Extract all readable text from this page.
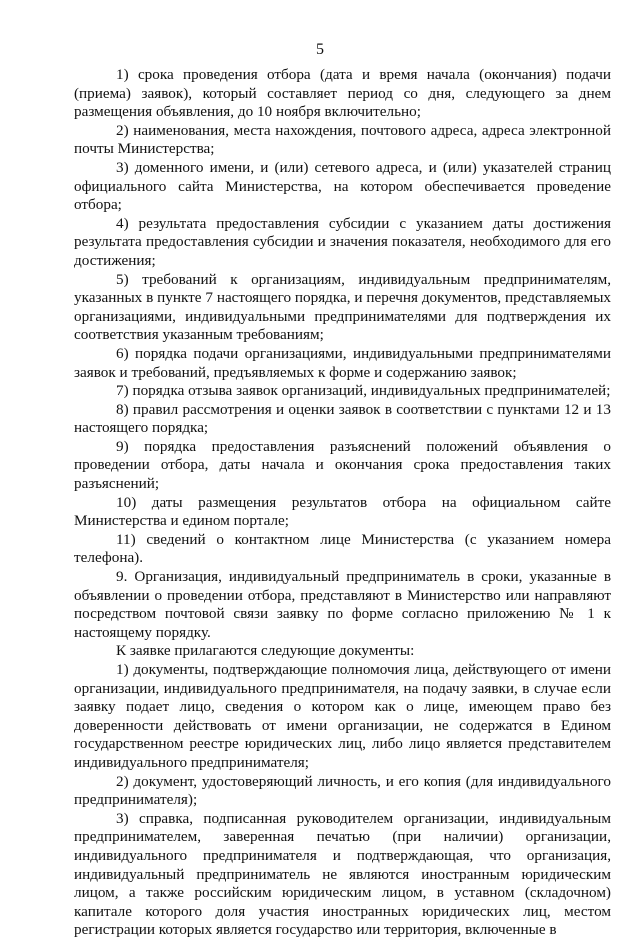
5

1) срока проведения отбора (дата и время начала (окончания) подачи (приема) заявок), который составляет период со дня, следующего за днем размещения объявления, до 10 ноября включительно;

2) наименования, места нахождения, почтового адреса, адреса электронной почты Министерства;

3) доменного имени, и (или) сетевого адреса, и (или) указателей страниц официального сайта Министерства, на котором обеспечивается проведение отбора;

4) результата предоставления субсидии с указанием даты достижения результата предоставления субсидии и значения показателя, необходимого для его достижения;

5) требований к организациям, индивидуальным предпринимателям, указанных в пункте 7 настоящего порядка, и перечня документов, представляемых организациями, индивидуальными предпринимателями для подтверждения их соответствия указанным требованиям;

6) порядка подачи организациями, индивидуальными предпринимателями заявок и требований, предъявляемых к форме и содержанию заявок;

7) порядка отзыва заявок организаций, индивидуальных предпринимателей;

8) правил рассмотрения и оценки заявок в соответствии с пунктами 12 и 13 настоящего порядка;

9) порядка предоставления разъяснений положений объявления о проведении отбора, даты начала и окончания срока предоставления таких разъяснений;

10) даты размещения результатов отбора на официальном сайте Министерства и едином портале;

11) сведений о контактном лице Министерства (с указанием номера телефона).

9. Организация, индивидуальный предприниматель в сроки, указанные в объявлении о проведении отбора, представляют в Министерство или направляют посредством почтовой связи заявку по форме согласно приложению № 1 к настоящему порядку.

К заявке прилагаются следующие документы:

1) документы, подтверждающие полномочия лица, действующего от имени организации, индивидуального предпринимателя, на подачу заявки, в случае если заявку подает лицо, сведения о котором как о лице, имеющем право без доверенности действовать от имени организации, не содержатся в Едином государственном реестре юридических лиц, либо лицо является представителем индивидуального предпринимателя;

2) документ, удостоверяющий личность, и его копия (для индивидуального предпринимателя);

3) справка, подписанная руководителем организации, индивидуальным предпринимателем, заверенная печатью (при наличии) организации, индивидуального предпринимателя и подтверждающая, что организация, индивидуальный предприниматель не являются иностранным юридическим лицом, а также российским юридическим лицом, в уставном (складочном) капитале которого доля участия иностранных юридических лиц, местом регистрации которых является государство или территория, включенные в
